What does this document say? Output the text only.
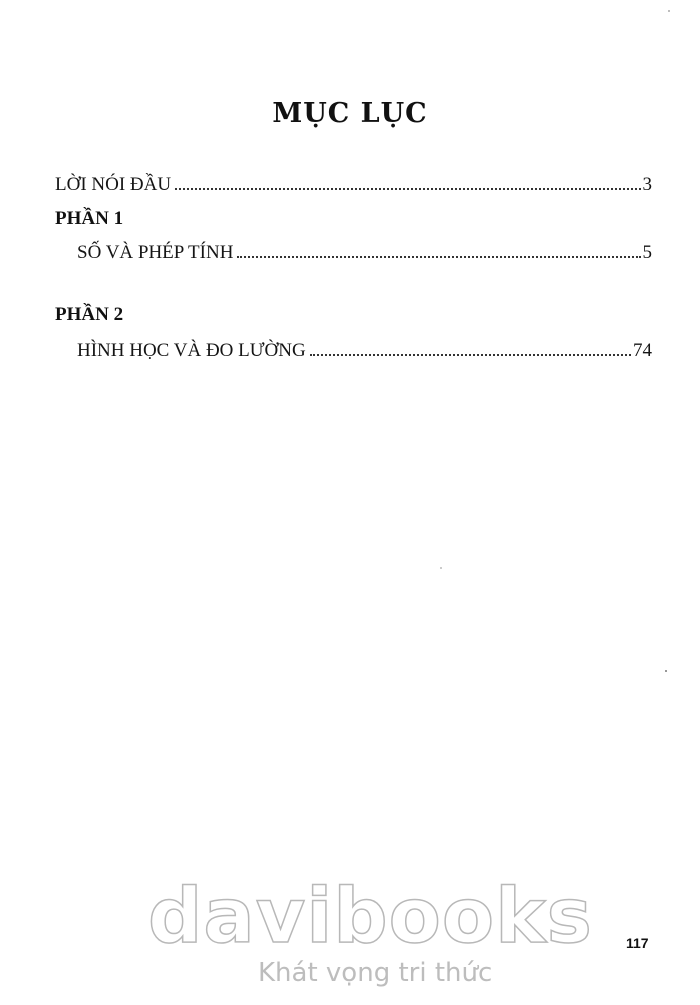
MỤC LỤC
LỜI NÓI ĐẦU	3
PHẦN 1
SỐ VÀ PHÉP TÍNH	5
PHẦN 2
HÌNH HỌC VÀ ĐO LƯỜNG	74
davibooks
Khát vọng tri thức
117
